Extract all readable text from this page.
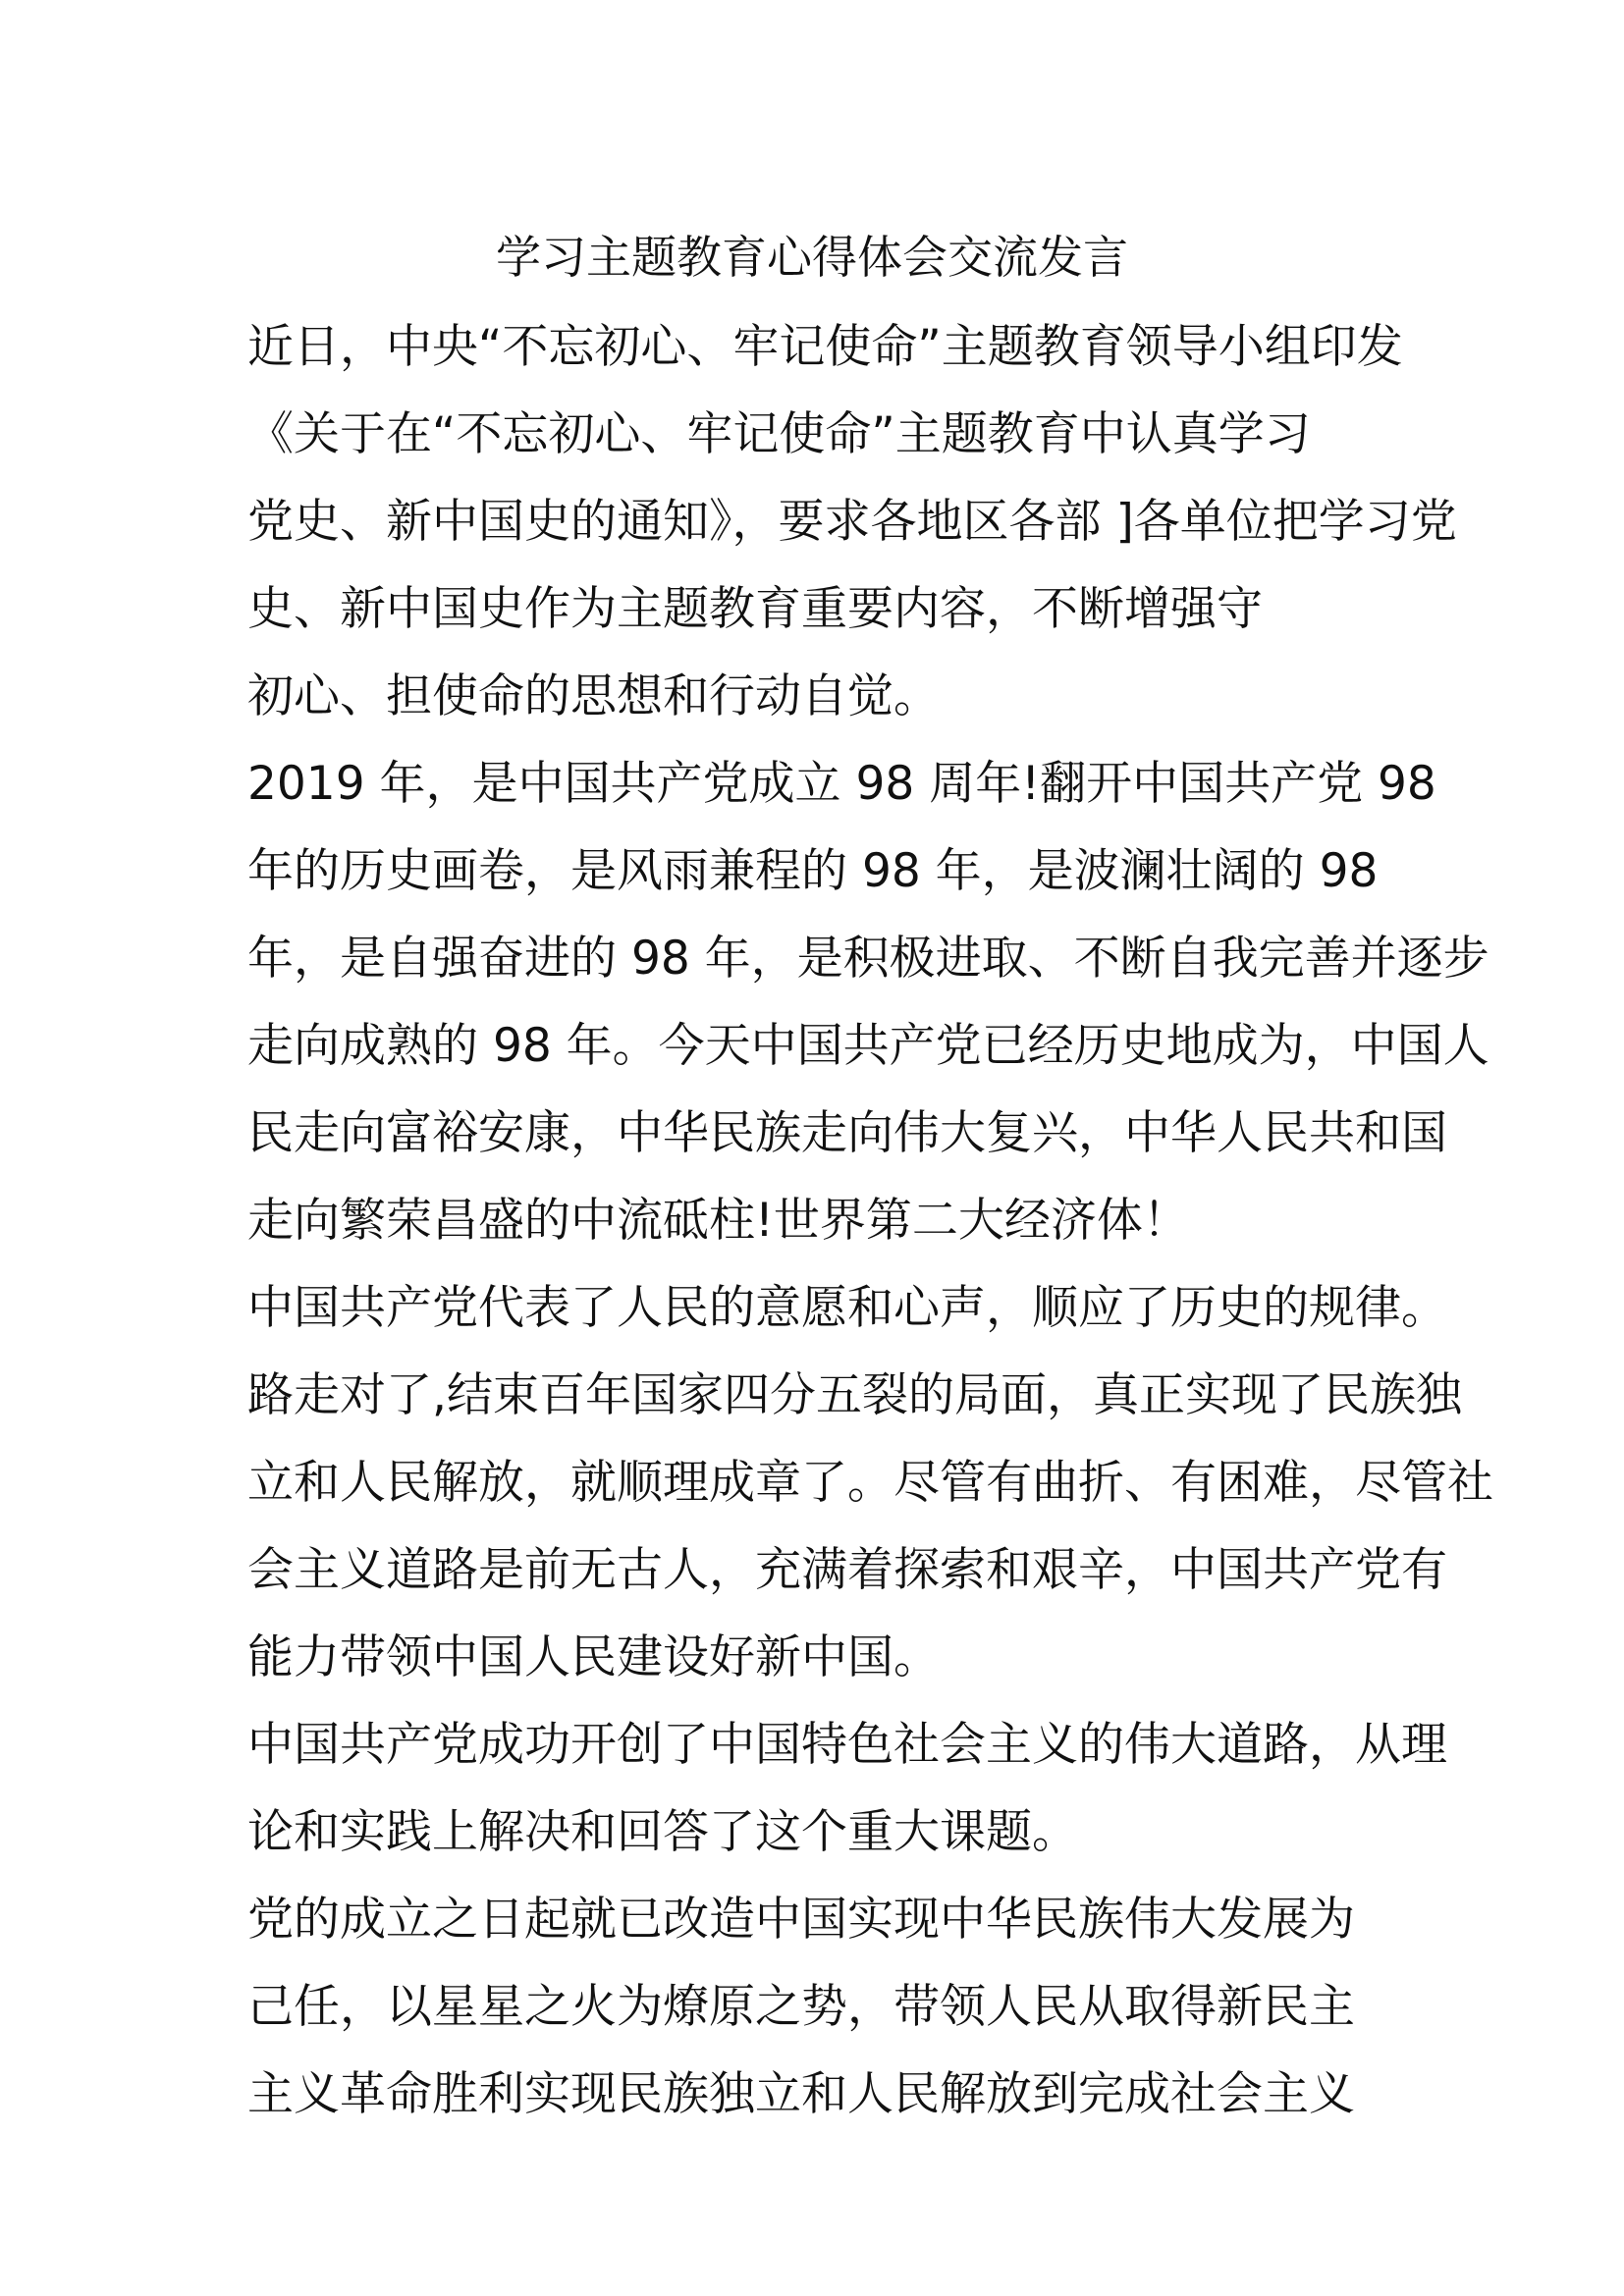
学习主题教育心得体会交流发言
近日，中央“不忘初心、牢记使命”主题教育领导小组印发
《关于在“不忘初心、牢记使命”主题教育中认真学习
党史、新中国史的通知》，要求各地区各部 ]各单位把学习党
史、新中国史作为主题教育重要内容，不断增强守
初心、担使命的思想和行动自觉。
2019 年，是中国共产党成立 98 周年!翻开中国共产党 98
年的历史画卷，是风雨兼程的 98 年，是波澜壮阔的 98
年，是自强奋进的 98 年，是积极进取、不断自我完善并逐步
走向成熟的 98 年。今天中国共产党已经历史地成为，中国人
民走向富裕安康，中华民族走向伟大复兴，中华人民共和国
走向繁荣昌盛的中流砥柱!世界第二大经济体！
中国共产党代表了人民的意愿和心声，顺应了历史的规律。
路走对了,结束百年国家四分五裂的局面，真正实现了民族独
立和人民解放，就顺理成章了。尽管有曲折、有困难，尽管社
会主义道路是前无古人，充满着探索和艰辛，中国共产党有
能力带领中国人民建设好新中国。
中国共产党成功开创了中国特色社会主义的伟大道路，从理
论和实践上解决和回答了这个重大课题。
党的成立之日起就已改造中国实现中华民族伟大发展为
己任，以星星之火为燎原之势，带领人民从取得新民主
主义革命胜利实现民族独立和人民解放到完成社会主义
